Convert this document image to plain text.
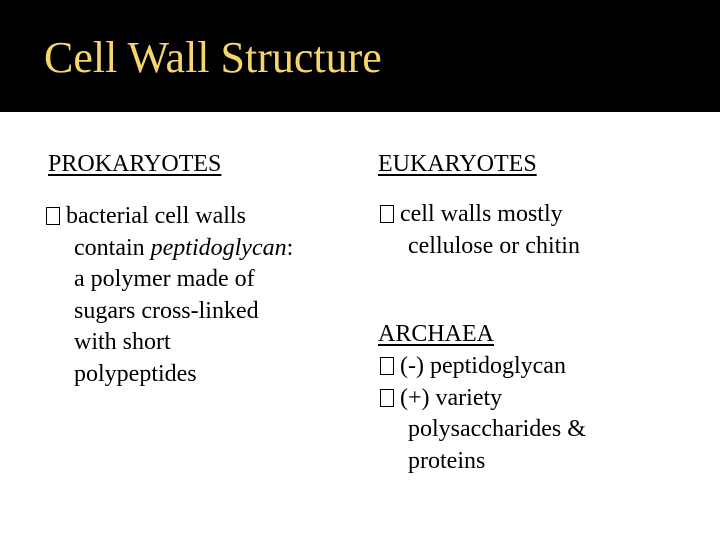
Cell Wall Structure
PROKARYOTES
bacterial cell walls
contain peptidoglycan:
a polymer made of
sugars cross-linked
with short
polypeptides
EUKARYOTES
cell walls mostly
cellulose or chitin
ARCHAEA
(-) peptidoglycan
(+) variety
polysaccharides &
proteins
